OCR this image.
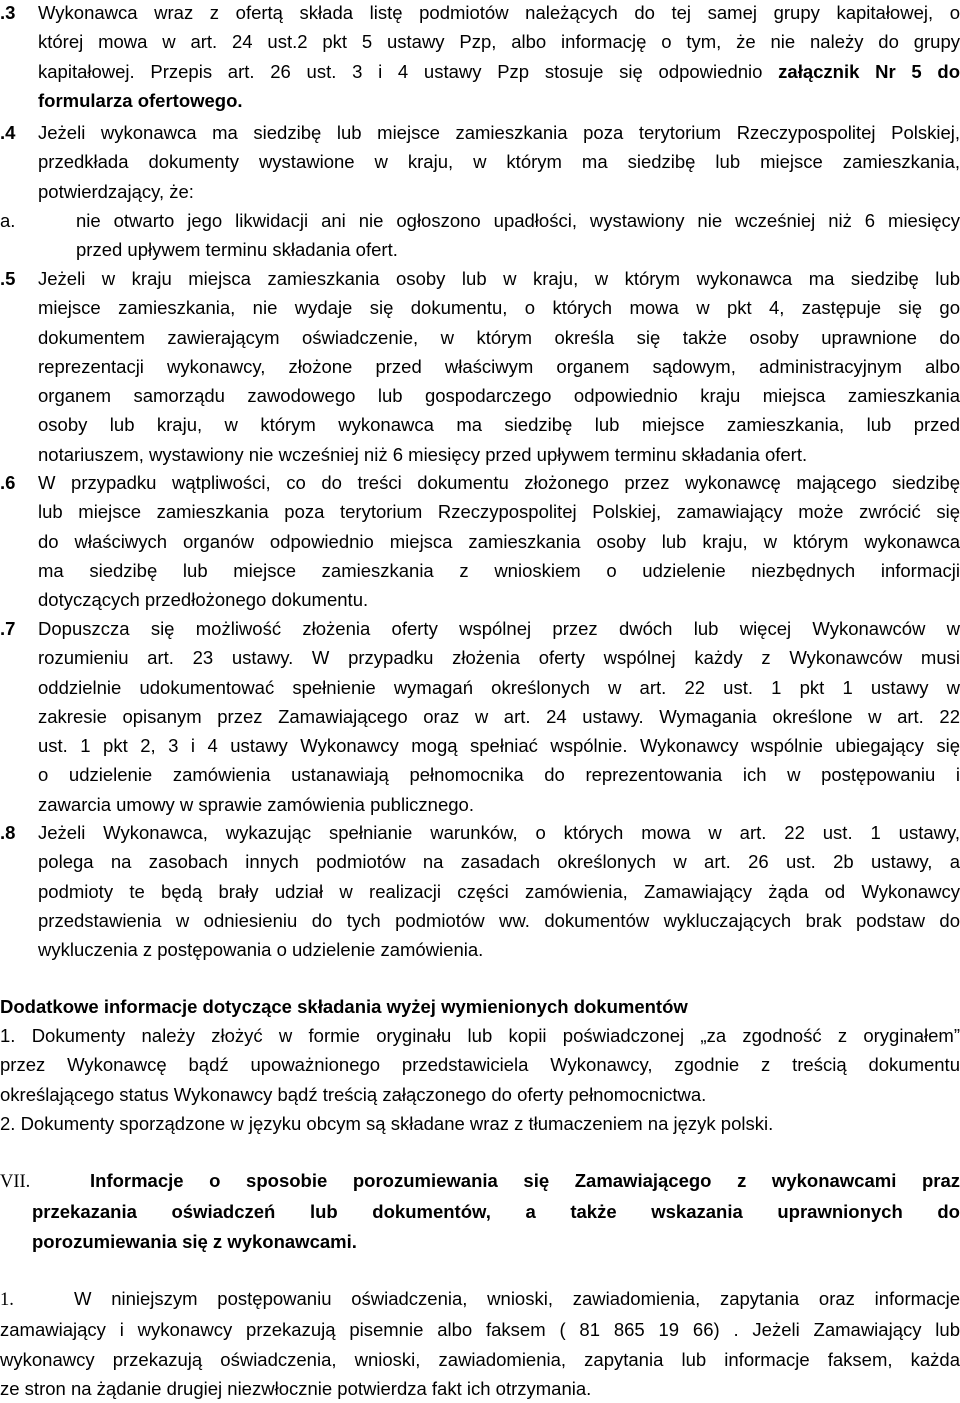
.3	Wykonawca wraz z ofertą składa listę podmiotów należących do tej samej grupy kapitałowej, o
której mowa w art. 24 ust.2 pkt 5 ustawy Pzp, albo informację o tym, że nie należy do grupy
kapitałowej. Przepis art. 26 ust. 3 i 4 ustawy Pzp stosuje się odpowiednio załącznik Nr 5 do
formularza ofertowego.
.4	Jeżeli wykonawca ma siedzibę lub miejsce zamieszkania poza terytorium Rzeczypospolitej Polskiej,
przedkłada dokumenty wystawione w kraju, w którym ma siedzibę lub miejsce zamieszkania,
potwierdzający, że:
a.	nie otwarto jego likwidacji ani nie ogłoszono upadłości, wystawiony nie wcześniej niż 6 miesięcy
przed upływem terminu składania ofert.
.5	Jeżeli w kraju miejsca zamieszkania osoby lub w kraju, w którym wykonawca ma siedzibę lub
miejsce zamieszkania, nie wydaje się dokumentu, o których mowa w pkt 4, zastępuje się go
dokumentem zawierającym oświadczenie, w którym określa się także osoby uprawnione do
reprezentacji wykonawcy, złożone przed właściwym organem sądowym, administracyjnym albo
organem samorządu zawodowego lub gospodarczego odpowiednio kraju miejsca zamieszkania
osoby lub kraju, w którym wykonawca ma siedzibę lub miejsce zamieszkania, lub przed
notariuszem, wystawiony nie wcześniej niż 6 miesięcy przed upływem terminu składania ofert.
.6	W przypadku wątpliwości, co do treści dokumentu złożonego przez wykonawcę mającego siedzibę
lub miejsce zamieszkania poza terytorium Rzeczypospolitej Polskiej, zamawiający może zwrócić się
do właściwych organów odpowiednio miejsca zamieszkania osoby lub kraju, w którym wykonawca
ma siedzibę lub miejsce zamieszkania z wnioskiem o udzielenie niezbędnych informacji
dotyczących przedłożonego dokumentu.
.7	Dopuszcza się możliwość złożenia oferty wspólnej przez dwóch lub więcej Wykonawców w
rozumieniu art. 23 ustawy. W przypadku złożenia oferty wspólnej każdy z Wykonawców musi
oddzielnie udokumentować spełnienie wymagań określonych w art. 22 ust. 1 pkt 1 ustawy w
zakresie opisanym przez Zamawiającego oraz w art. 24 ustawy. Wymagania określone w art. 22
ust. 1 pkt 2, 3 i 4 ustawy Wykonawcy mogą spełniać wspólnie. Wykonawcy wspólnie ubiegający się
o udzielenie zamówienia ustanawiają pełnomocnika do reprezentowania ich w postępowaniu i
zawarcia umowy w sprawie zamówienia publicznego.
.8	Jeżeli Wykonawca, wykazując spełnianie warunków, o których mowa w art. 22 ust. 1 ustawy,
polega na zasobach innych podmiotów na zasadach określonych w art. 26 ust. 2b ustawy, a
podmioty te będą brały udział w realizacji części zamówienia, Zamawiający żąda od Wykonawcy
przedstawienia w odniesieniu do tych podmiotów ww. dokumentów wykluczających brak podstaw do
wykluczenia z postępowania o udzielenie zamówienia.
Dodatkowe informacje dotyczące składania wyżej wymienionych dokumentów
1. Dokumenty należy złożyć w formie oryginału lub kopii poświadczonej „za zgodność z oryginałem”
przez Wykonawcę bądź upoważnionego przedstawiciela Wykonawcy, zgodnie z treścią dokumentu
określającego status Wykonawcy bądź treścią załączonego do oferty pełnomocnictwa.
2. Dokumenty sporządzone w języku obcym są składane wraz z tłumaczeniem na język polski.
VII.	Informacje o sposobie porozumiewania się Zamawiającego z wykonawcami praz
przekazania oświadczeń lub dokumentów, a także wskazania uprawnionych do
porozumiewania się z wykonawcami.
1.	W niniejszym postępowaniu oświadczenia, wnioski, zawiadomienia, zapytania oraz informacje
zamawiający i wykonawcy przekazują pisemnie albo faksem ( 81 865 19 66) . Jeżeli Zamawiający lub
wykonawcy przekazują oświadczenia, wnioski, zawiadomienia, zapytania lub informacje faksem, każda
ze stron na żądanie drugiej niezwłocznie potwierdza fakt ich otrzymania.
